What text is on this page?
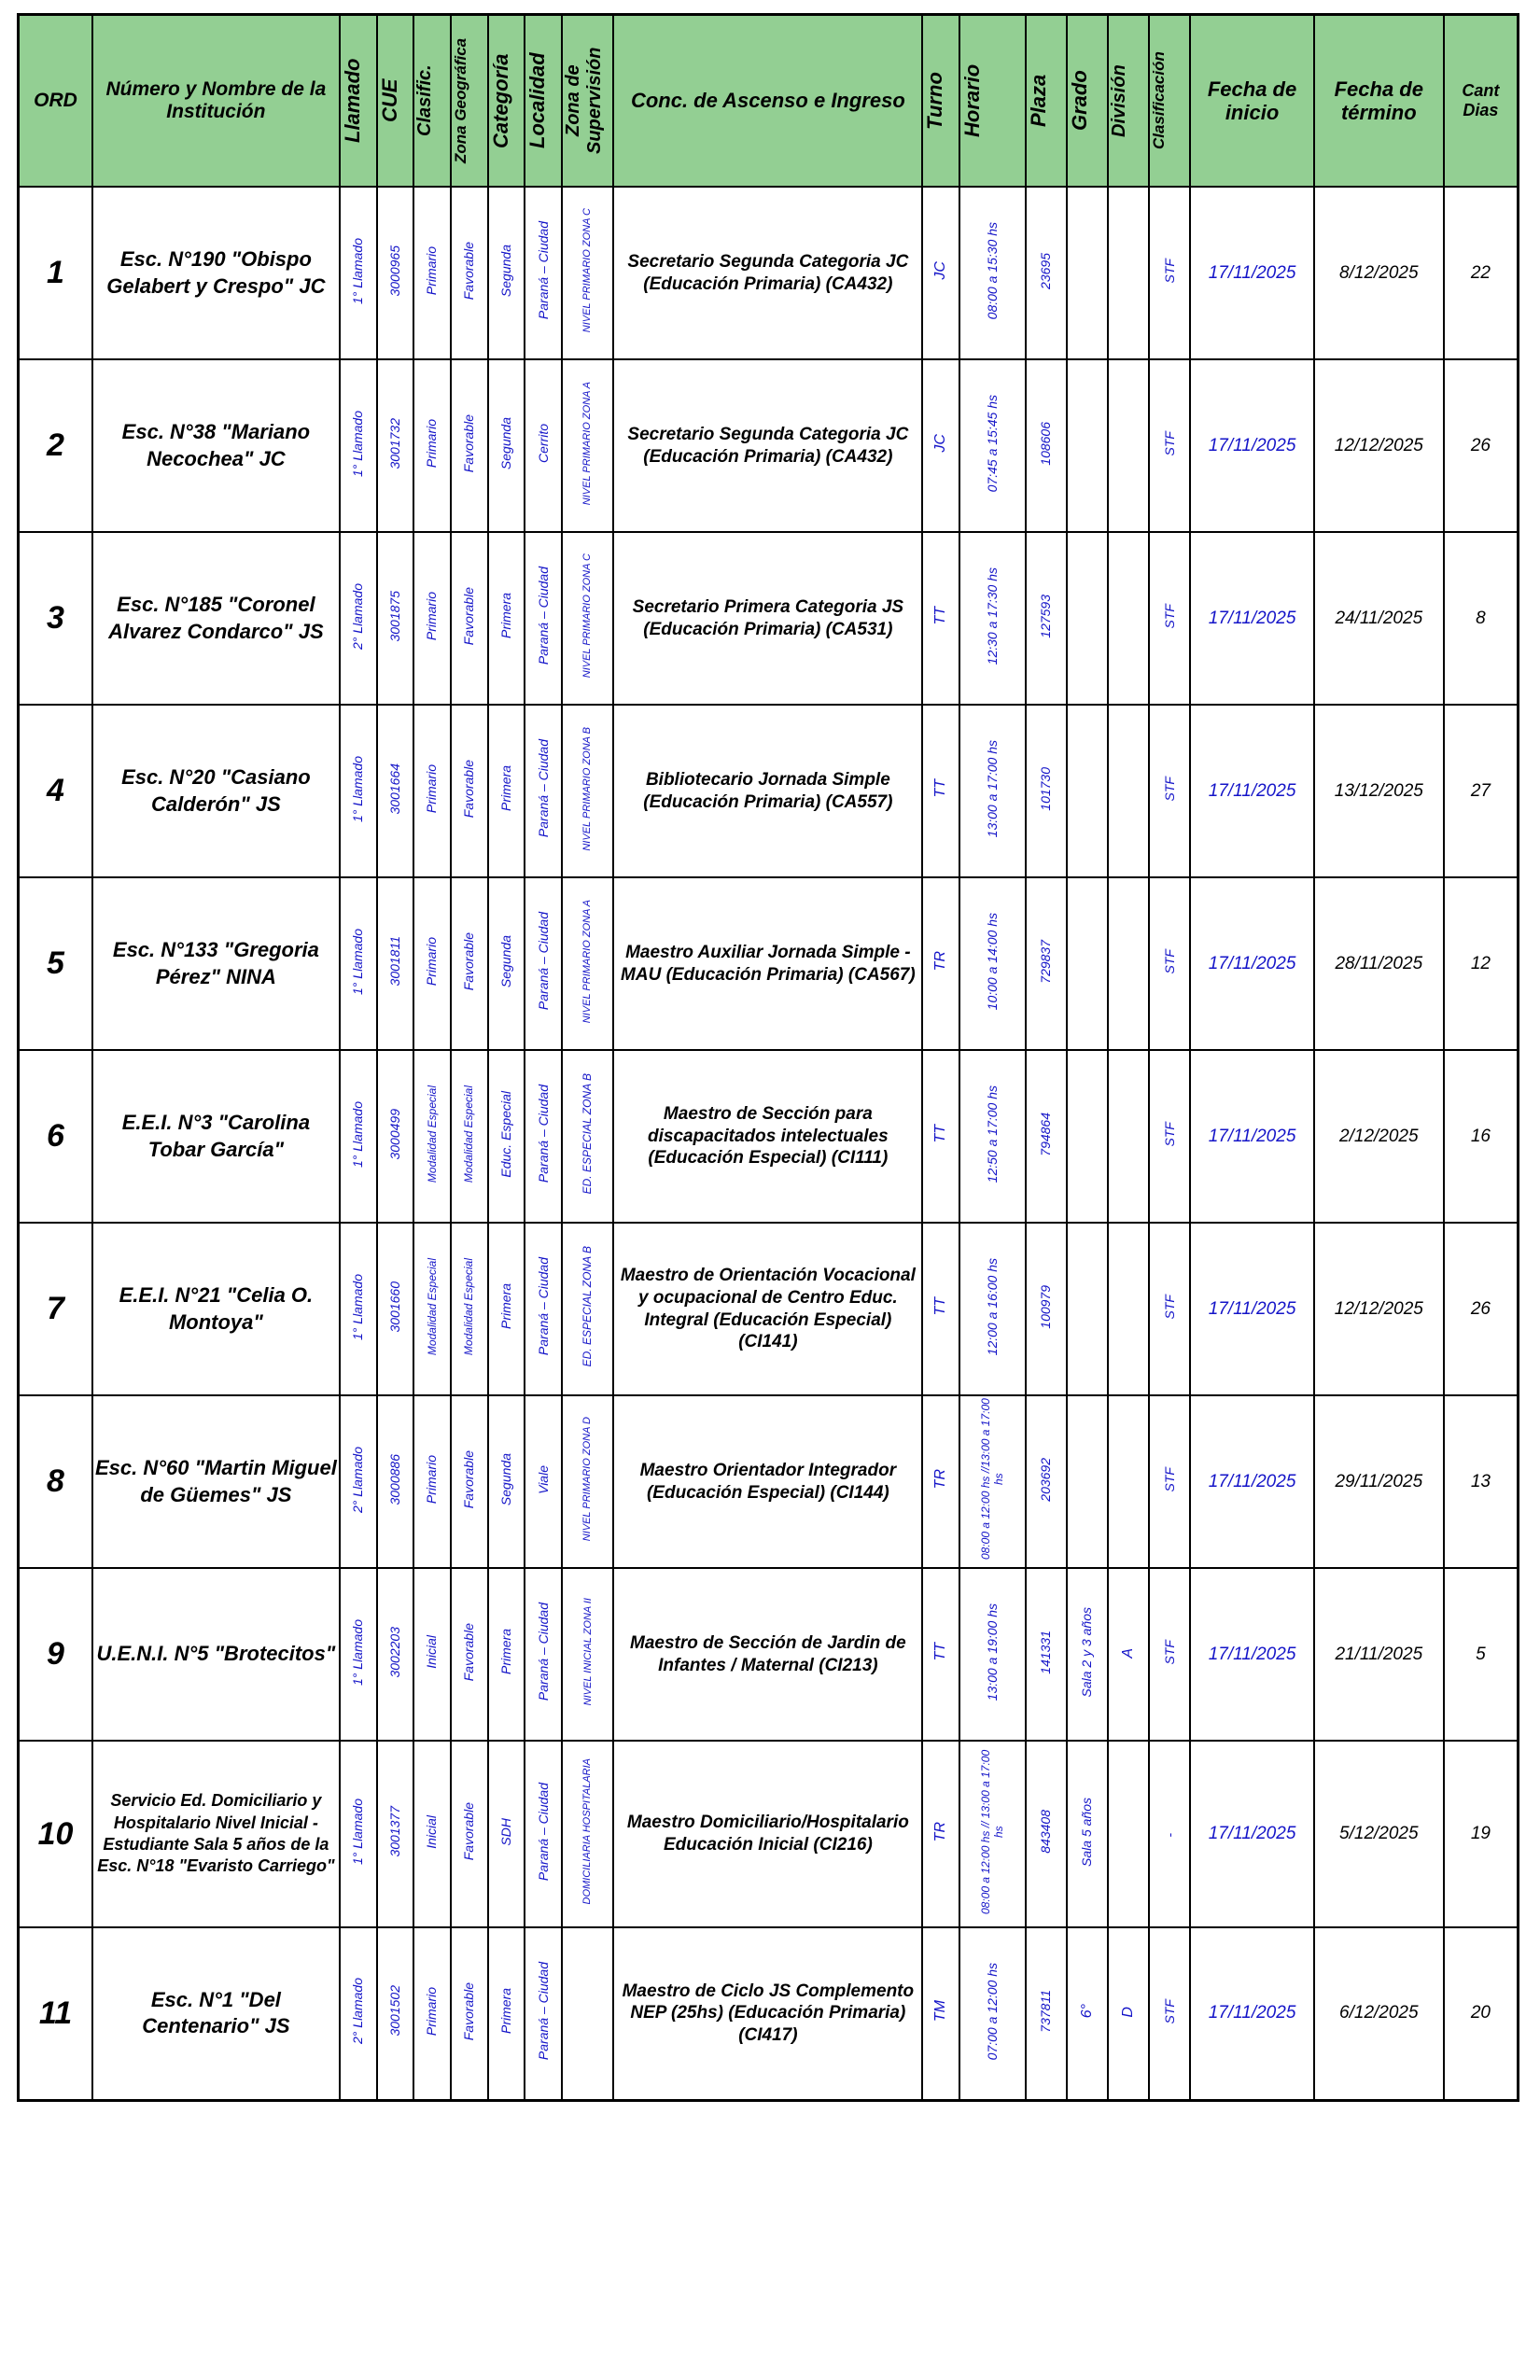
ORD	Número y Nombre de la Institución	Llamado	CUE	Clasific.	Zona Geográfica	Categoría	Localidad	Zona de Supervisión	Conc. de Ascenso e Ingreso	Turno	Horario	Plaza	Grado	División	Clasificación	Fecha de inicio	Fecha de término	Cant Dias

1	Esc. N°190 "Obispo Gelabert y Crespo" JC	1° Llamado	3000965	Primario	Favorable	Segunda	Paraná – Ciudad	NIVEL PRIMARIO ZONA C	Secretario Segunda Categoria JC (Educación Primaria) (CA432)	JC	08:00 a 15:30 hs	23695			STF	17/11/2025	8/12/2025	22
2	Esc. N°38 "Mariano Necochea" JC	1° Llamado	3001732	Primario	Favorable	Segunda	Cerrito	NIVEL PRIMARIO ZONA A	Secretario Segunda Categoria JC (Educación Primaria) (CA432)	JC	07:45 a 15:45 hs	108606			STF	17/11/2025	12/12/2025	26
3	Esc. N°185 "Coronel Alvarez Condarco" JS	2° Llamado	3001875	Primario	Favorable	Primera	Paraná – Ciudad	NIVEL PRIMARIO ZONA C	Secretario Primera Categoria JS (Educación Primaria) (CA531)	TT	12:30 a 17:30 hs	127593			STF	17/11/2025	24/11/2025	8
4	Esc. N°20 "Casiano Calderón" JS	1° Llamado	3001664	Primario	Favorable	Primera	Paraná – Ciudad	NIVEL PRIMARIO ZONA B	Bibliotecario Jornada Simple (Educación Primaria) (CA557)	TT	13:00 a 17:00 hs	101730			STF	17/11/2025	13/12/2025	27
5	Esc. N°133 "Gregoria Pérez" NINA	1° Llamado	3001811	Primario	Favorable	Segunda	Paraná – Ciudad	NIVEL PRIMARIO ZONA A	Maestro Auxiliar Jornada Simple - MAU (Educación Primaria) (CA567)	TR	10:00 a 14:00 hs	729837			STF	17/11/2025	28/11/2025	12
6	E.E.I. N°3 "Carolina Tobar García"	1° Llamado	3000499	Modalidad Especial	Modalidad Especial	Educ. Especial	Paraná – Ciudad	ED. ESPECIAL ZONA B	Maestro de Sección para discapacitados intelectuales (Educación Especial) (CI111)	TT	12:50 a 17:00 hs	794864			STF	17/11/2025	2/12/2025	16
7	E.E.I. N°21 "Celia O. Montoya"	1° Llamado	3001660	Modalidad Especial	Modalidad Especial	Primera	Paraná – Ciudad	ED. ESPECIAL ZONA B	Maestro de Orientación Vocacional y ocupacional de Centro Educ. Integral (Educación Especial) (CI141)	TT	12:00 a 16:00 hs	100979			STF	17/11/2025	12/12/2025	26
8	Esc. N°60 "Martin Miguel de Güemes" JS	2° Llamado	3000886	Primario	Favorable	Segunda	Viale	NIVEL PRIMARIO ZONA D	Maestro Orientador Integrador (Educación Especial) (CI144)	TR	08:00 a 12:00 hs //13:00 a 17:00 hs	203692			STF	17/11/2025	29/11/2025	13
9	U.E.N.I. N°5 "Brotecitos"	1° Llamado	3002203	Inicial	Favorable	Primera	Paraná – Ciudad	NIVEL INICIAL ZONA II	Maestro de Sección de Jardin de Infantes / Maternal (CI213)	TT	13:00 a 19:00 hs	141331	Sala 2 y 3 años	A	STF	17/11/2025	21/11/2025	5
10	Servicio Ed. Domiciliario y Hospitalario Nivel Inicial - Estudiante Sala 5 años de la Esc. N°18 "Evaristo Carriego"	1° Llamado	3001377	Inicial	Favorable	SDH	Paraná – Ciudad	DOMICILIARIA HOSPITALARIA	Maestro Domiciliario/Hospitalario Educación Inicial (CI216)	TR	08:00 a 12:00 hs // 13:00 a 17:00 hs	843408	Sala 5 años		-	17/11/2025	5/12/2025	19
11	Esc. N°1 "Del Centenario" JS	2° Llamado	3001502	Primario	Favorable	Primera	Paraná – Ciudad		Maestro de Ciclo JS Complemento NEP (25hs) (Educación Primaria) (CI417)	TM	07:00 a 12:00 hs	737811	6°	D	STF	17/11/2025	6/12/2025	20
